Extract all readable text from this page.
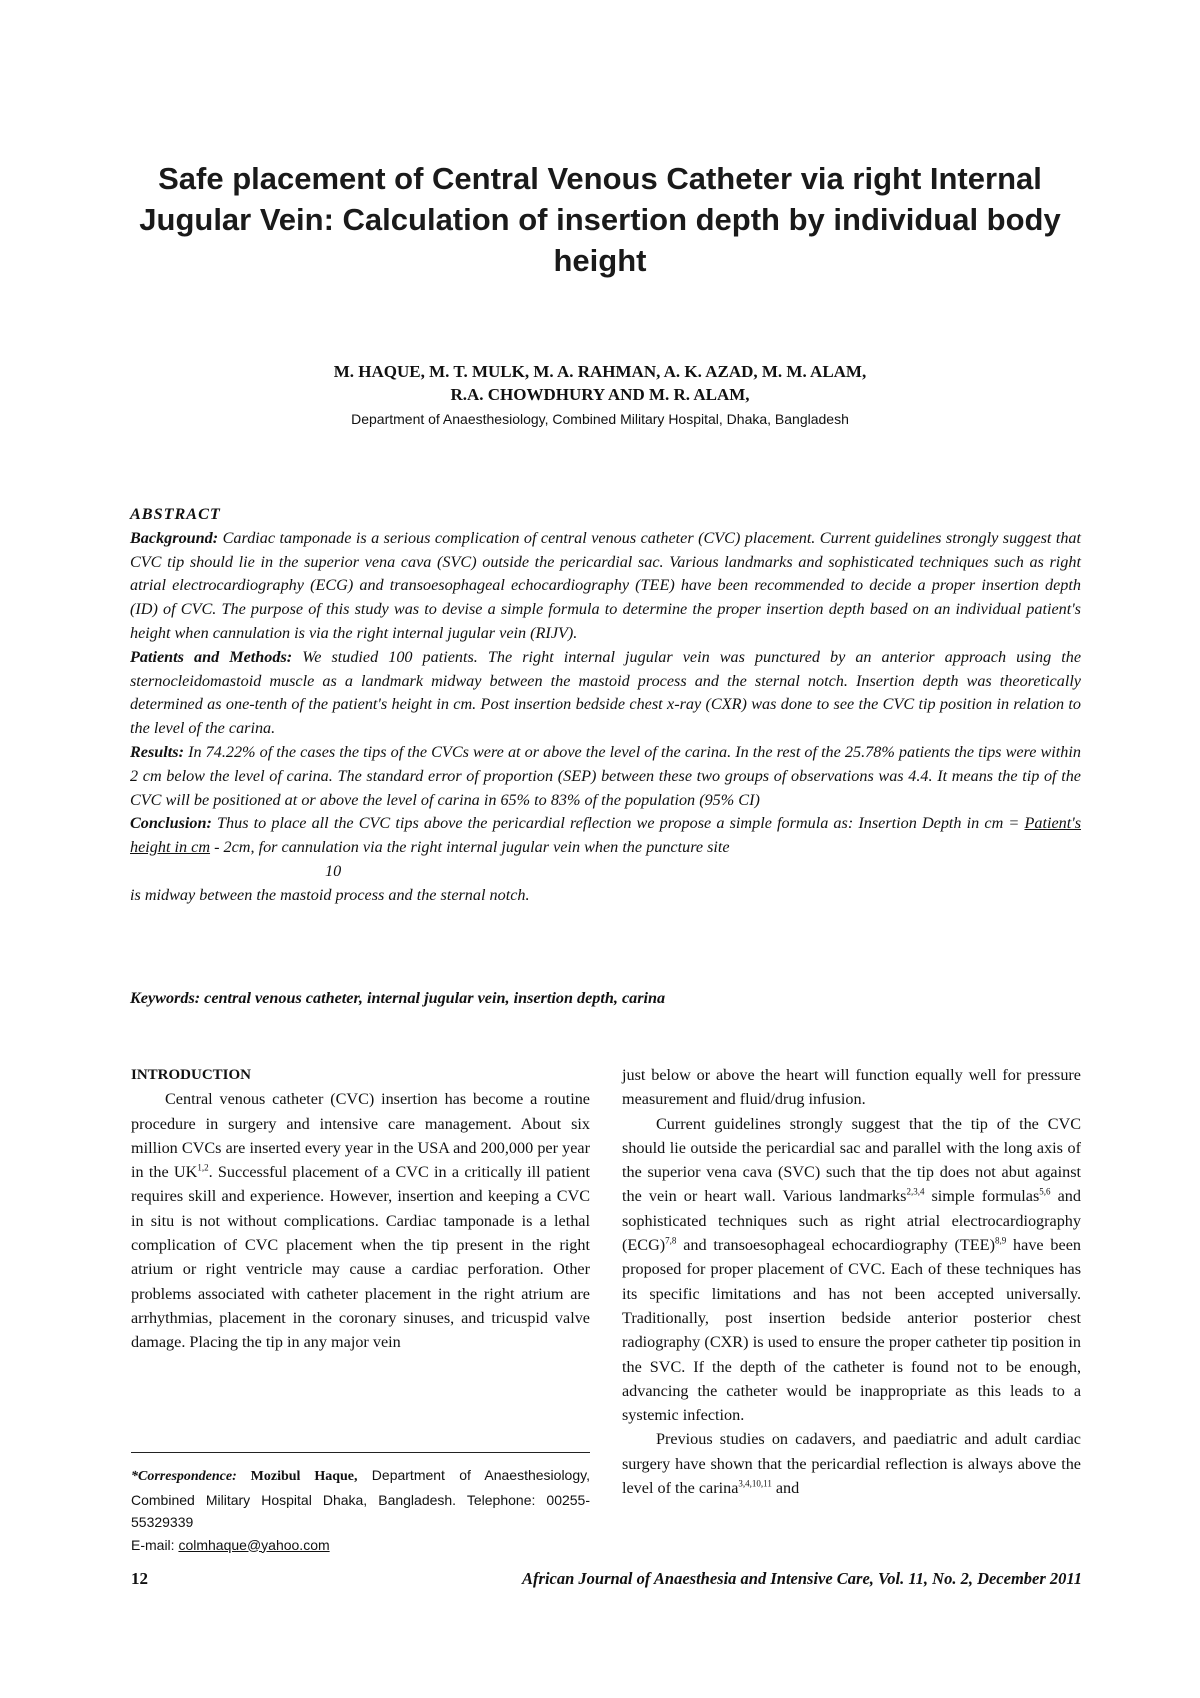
Safe placement of Central Venous Catheter via right Internal Jugular Vein: Calculation of insertion depth by individual body height
M. HAQUE, M. T. MULK, M. A. RAHMAN, A. K. AZAD, M. M. ALAM,
R.A. CHOWDHURY AND M. R. ALAM,
Department of Anaesthesiology, Combined Military Hospital, Dhaka, Bangladesh

ABSTRACT

Background: Cardiac tamponade is a serious complication of central venous catheter (CVC) placement. Current guidelines strongly suggest that CVC tip should lie in the superior vena cava (SVC) outside the pericardial sac. Various landmarks and sophisticated techniques such as right atrial electrocardiography (ECG) and transoesophageal echocardiography (TEE) have been recommended to decide a proper insertion depth (ID) of CVC. The purpose of this study was to devise a simple formula to determine the proper insertion depth based on an individual patient's height when cannulation is via the right internal jugular vein (RIJV).

Patients and Methods: We studied 100 patients. The right internal jugular vein was punctured by an anterior approach using the sternocleidomastoid muscle as a landmark midway between the mastoid process and the sternal notch. Insertion depth was theoretically determined as one-tenth of the patient's height in cm. Post insertion bedside chest x-ray (CXR) was done to see the CVC tip position in relation to the level of the carina.

Results: In 74.22% of the cases the tips of the CVCs were at or above the level of the carina. In the rest of the 25.78% patients the tips were within 2 cm below the level of carina. The standard error of proportion (SEP) between these two groups of observations was 4.4. It means the tip of the CVC will be positioned at or above the level of carina in 65% to 83% of the population (95% CI)

Conclusion: Thus to place all the CVC tips above the pericardial reflection we propose a simple formula as: Insertion Depth in cm = Patient's height in cm - 2cm, for cannulation via the right internal jugular vein when the puncture site

10

is midway between the mastoid process and the sternal notch.

Keywords: central venous catheter, internal jugular vein, insertion depth, carina

INTRODUCTION

Central venous catheter (CVC) insertion has become a routine procedure in surgery and intensive care management. About six million CVCs are inserted every year in the USA and 200,000 per year in the UK$^{1,2}$. Successful placement of a CVC in a critically ill patient requires skill and experience. However, insertion and keeping a CVC in situ is not without complications. Cardiac tamponade is a lethal complication of CVC placement when the tip present in the right atrium or right ventricle may cause a cardiac perforation. Other problems associated with catheter placement in the right atrium are arrhythmias, placement in the coronary sinuses, and tricuspid valve damage. Placing the tip in any major vein

just below or above the heart will function equally well for pressure measurement and fluid/drug infusion.

Current guidelines strongly suggest that the tip of the CVC should lie outside the pericardial sac and parallel with the long axis of the superior vena cava (SVC) such that the tip does not abut against the vein or heart wall. Various landmarks$^{2,3,4}$ simple formulas$^{5,6}$ and sophisticated techniques such as right atrial electrocardiography (ECG)$^{7,8}$ and transoesophageal echocardiography (TEE)$^{8,9}$ have been proposed for proper placement of CVC. Each of these techniques has its specific limitations and has not been accepted universally. Traditionally, post insertion bedside anterior posterior chest radiography (CXR) is used to ensure the proper catheter tip position in the SVC. If the depth of the catheter is found not to be enough, advancing the catheter would be inappropriate as this leads to a systemic infection.

Previous studies on cadavers, and paediatric and adult cardiac surgery have shown that the pericardial reflection is always above the level of the carina$^{3,4,10,11}$ and

*Correspondence: Mozibul Haque, Department of Anaesthesiology, Combined Military Hospital Dhaka, Bangladesh. Telephone: 00255-55329339

E-mail: colmhaque@yahoo.com

12	African Journal of Anaesthesia and Intensive Care, Vol. 11, No. 2, December 2011
